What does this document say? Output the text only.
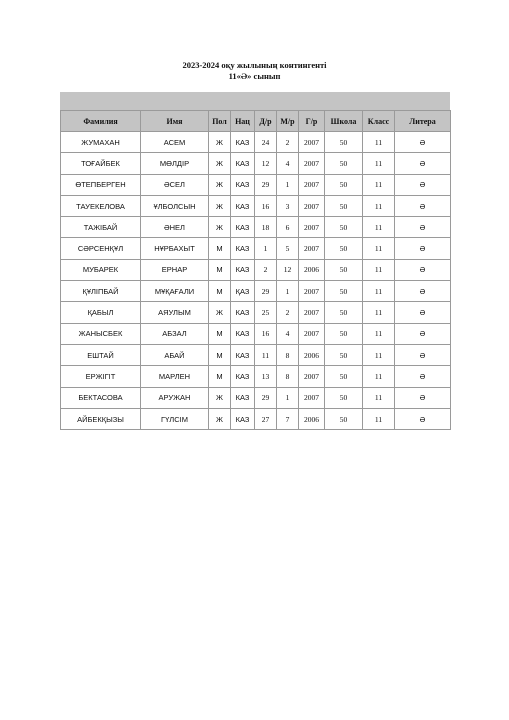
2023-2024 оқу жылының контингенті
11«Ә» сынып
Фамилия	Имя	Пол	Нац	Д/р	М/р	Г/р	Школа	Класс	Литера
ЖУМАХАН	АСЕМ	Ж	КАЗ	24	2	2007	50	11	Ә
ТОҒАЙБЕК	МӨЛДІР	Ж	КАЗ	12	4	2007	50	11	Ә
ӨТЕПБЕРГЕН	ӘСЕЛ	Ж	КАЗ	29	1	2007	50	11	Ә
ТАУЕКЕЛОВА	ҰЛБОЛСЫН	Ж	КАЗ	16	3	2007	50	11	Ә
ТАЖІБАЙ	ӘНЕЛ	Ж	КАЗ	18	6	2007	50	11	Ә
СӘРСЕНҚҰЛ	НҰРБАХЫТ	М	КАЗ	1	5	2007	50	11	Ә
МУБАРЕК	ЕРНАР	М	КАЗ	2	12	2006	50	11	Ә
ҚҰЛІПБАЙ	МҰҚАҒАЛИ	М	ҚАЗ	29	1	2007	50	11	Ә
ҚАБЫЛ	АЯУЛЫМ	Ж	КАЗ	25	2	2007	50	11	Ә
ЖАНЫСБЕК	АБЗАЛ	М	КАЗ	16	4	2007	50	11	Ә
ЕШТАЙ	АБАЙ	М	КАЗ	11	8	2006	50	11	Ә
ЕРЖІГІТ	МАРЛЕН	М	КАЗ	13	8	2007	50	11	Ә
БЕКТАСОВА	АРУЖАН	Ж	КАЗ	29	1	2007	50	11	Ә
АЙБЕКҚЫЗЫ	ГҮЛСІМ	Ж	КАЗ	27	7	2006	50	11	Ә
